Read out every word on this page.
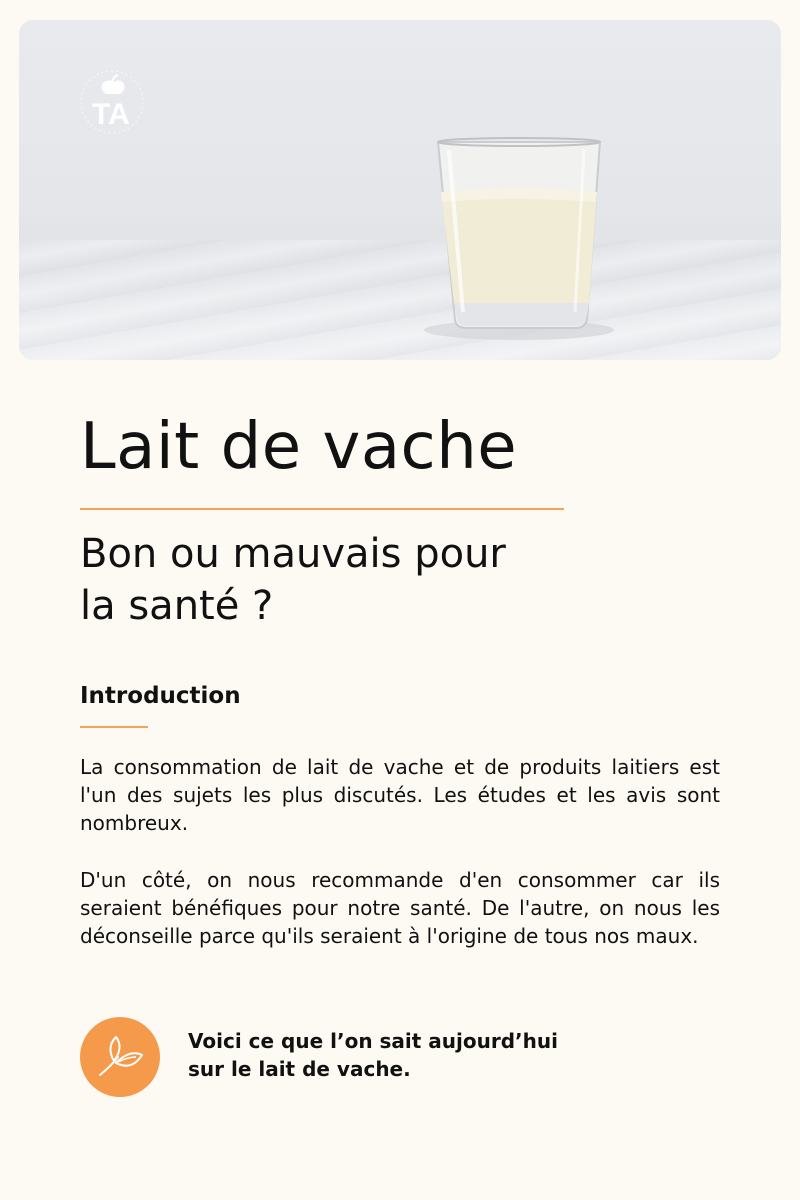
TA
Lait de vache
Bon ou mauvais pour
la santé ?
Introduction

La consommation de lait de vache et de produits laitiers est l'un des sujets les plus discutés. Les études et les avis sont nombreux.

D'un côté, on nous recommande d'en consommer car ils seraient bénéfiques pour notre santé. De l'autre, on nous les déconseille parce qu'ils seraient à l'origine de tous nos maux.

Voici ce que l’on sait aujourd’hui
sur le lait de vache.
